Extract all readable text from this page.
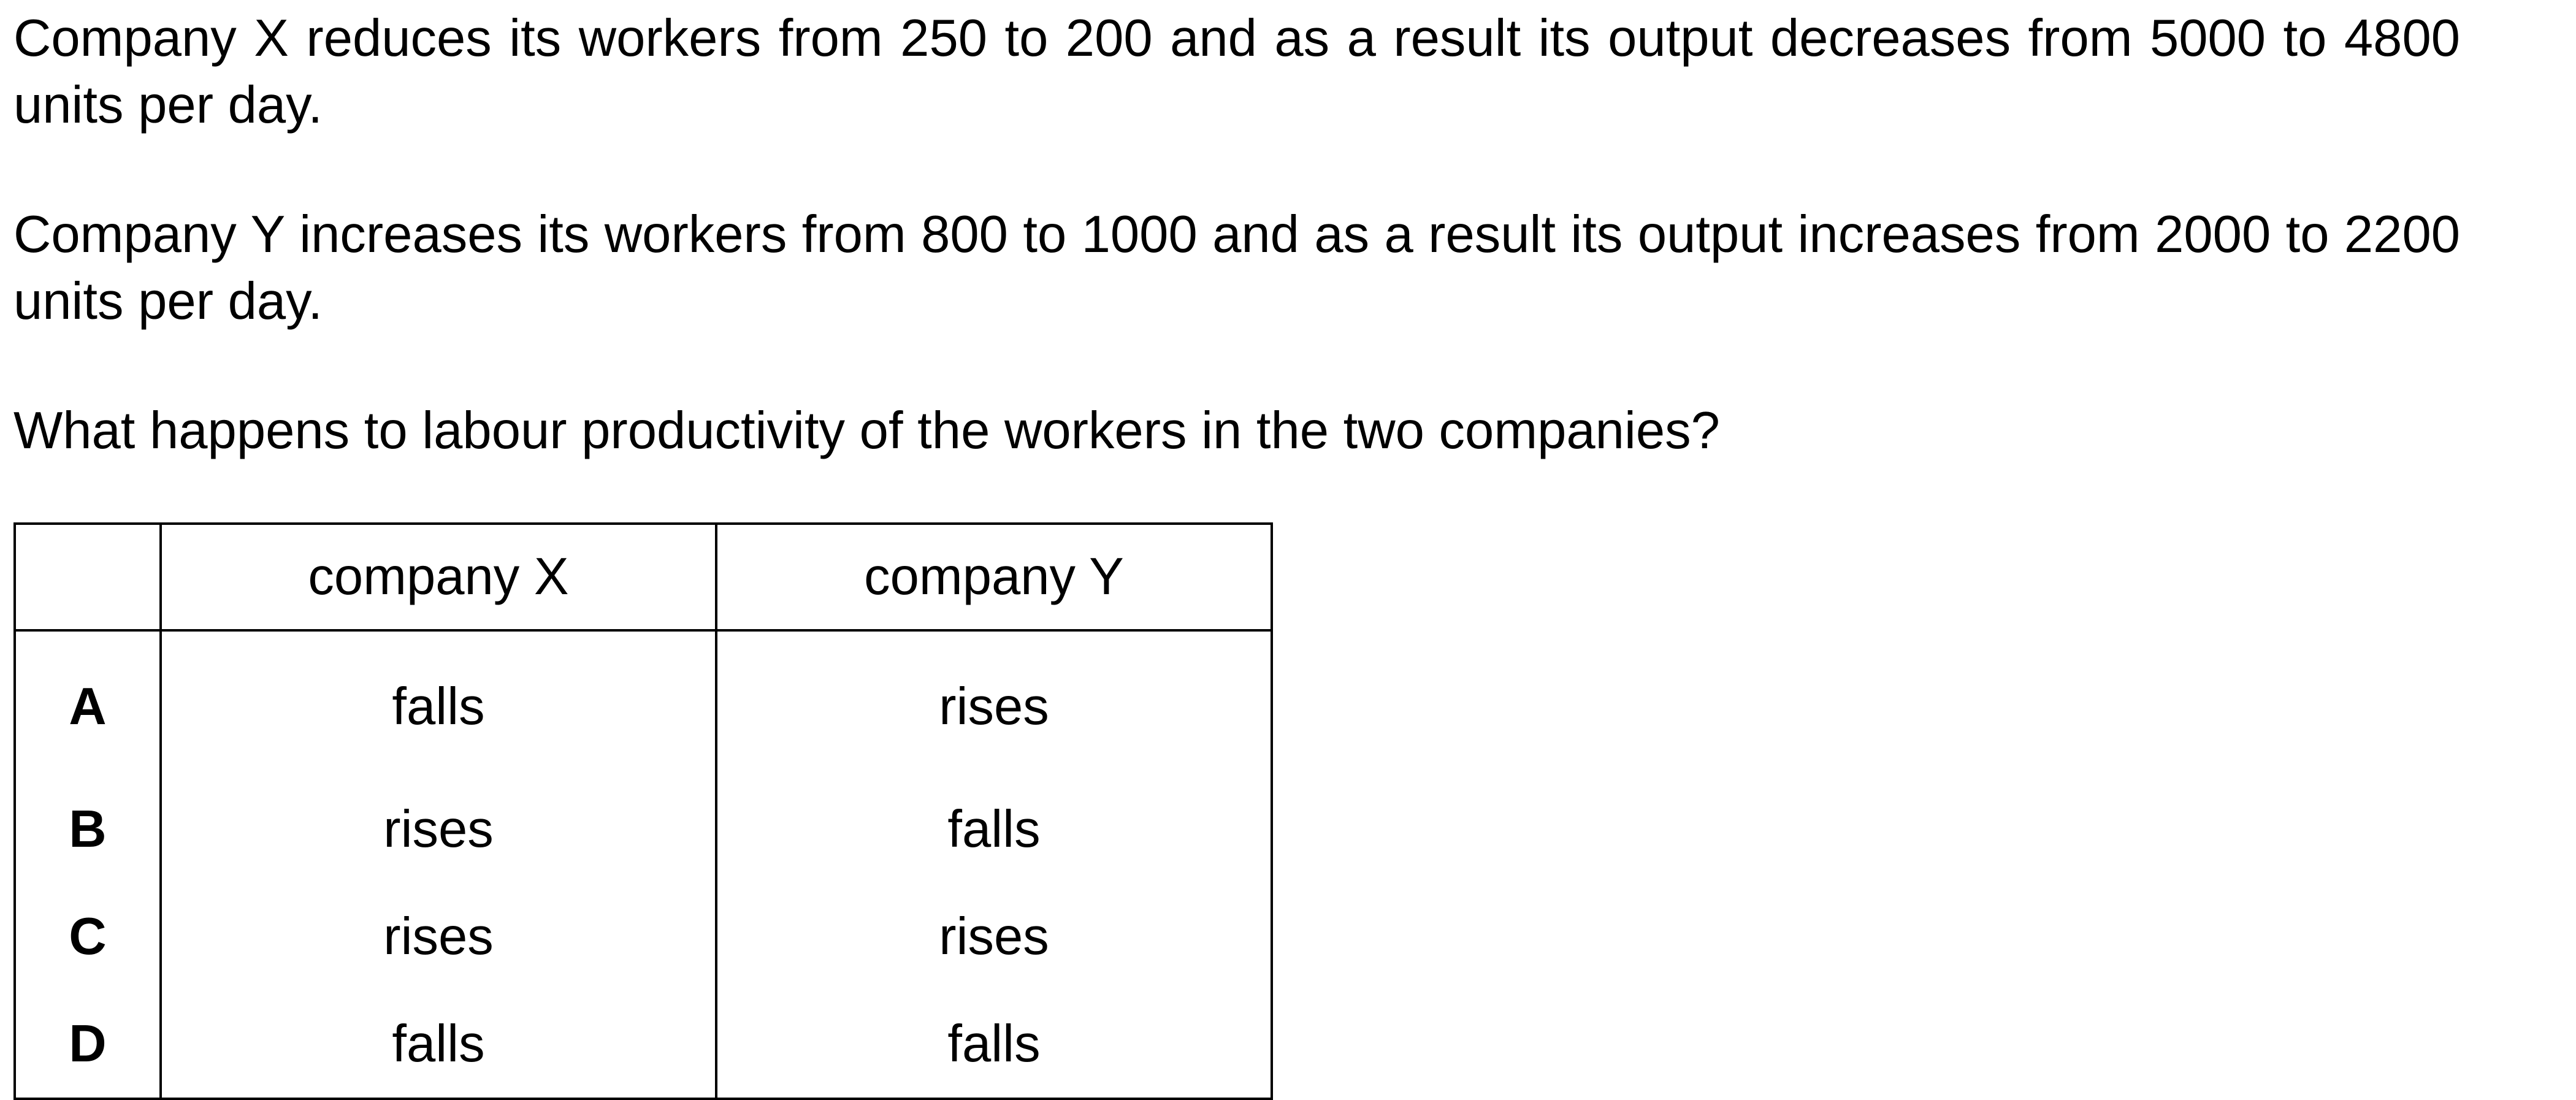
Company X reduces its workers from 250 to 200 and as a result its output decreases from 5000 to 4800 units per day.

Company Y increases its workers from 800 to 1000 and as a result its output increases from 2000 to 2200 units per day.

What happens to labour productivity of the workers in the two companies?

	company X	company Y
A	falls	rises
B	rises	falls
C	rises	rises
D	falls	falls
